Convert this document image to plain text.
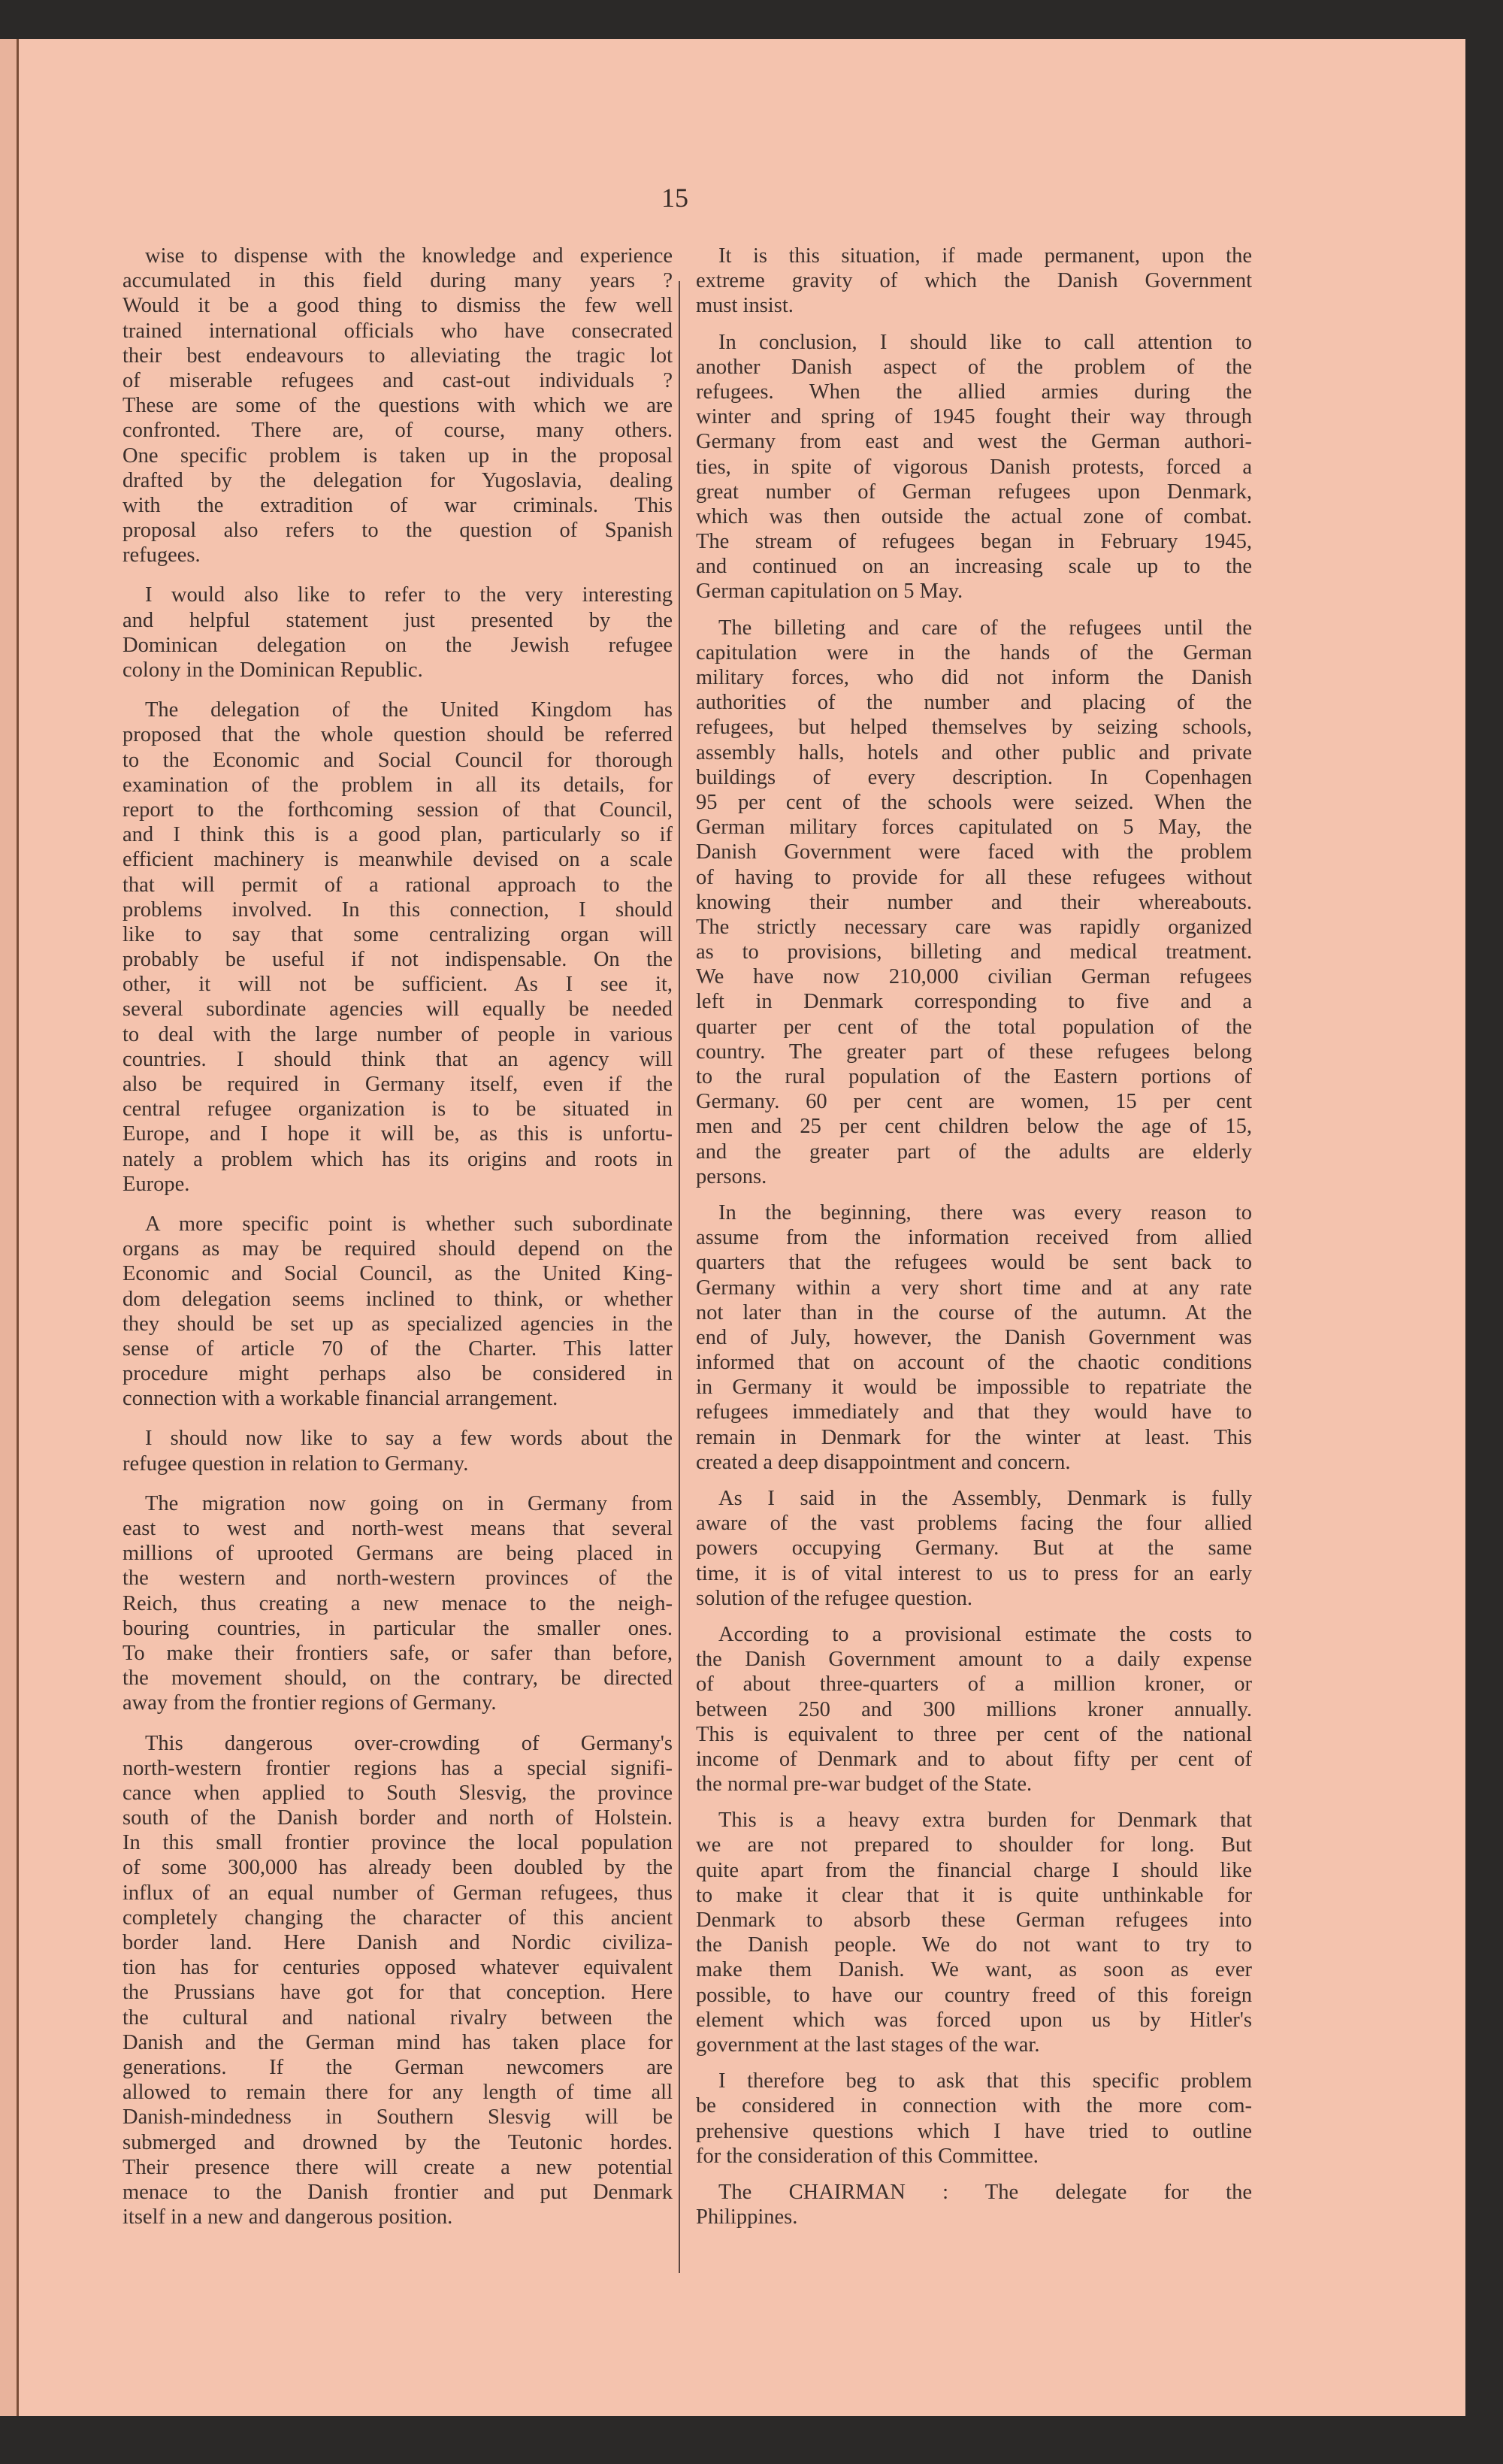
15
wise to dispense with the knowledge and experience
accumulated in this field during many years ?
Would it be a good thing to dismiss the few well
trained international officials who have consecrated
their best endeavours to alleviating the tragic lot
of miserable refugees and cast-out individuals ?
These are some of the questions with which we are
confronted. There are, of course, many others.
One specific problem is taken up in the proposal
drafted by the delegation for Yugoslavia, dealing
with the extradition of war criminals. This
proposal also refers to the question of Spanish
refugees.
I would also like to refer to the very interesting
and helpful statement just presented by the
Dominican delegation on the Jewish refugee
colony in the Dominican Republic.
The delegation of the United Kingdom has
proposed that the whole question should be referred
to the Economic and Social Council for thorough
examination of the problem in all its details, for
report to the forthcoming session of that Council,
and I think this is a good plan, particularly so if
efficient machinery is meanwhile devised on a scale
that will permit of a rational approach to the
problems involved. In this connection, I should
like to say that some centralizing organ will
probably be useful if not indispensable. On the
other, it will not be sufficient. As I see it,
several subordinate agencies will equally be needed
to deal with the large number of people in various
countries. I should think that an agency will
also be required in Germany itself, even if the
central refugee organization is to be situated in
Europe, and I hope it will be, as this is unfortu-
nately a problem which has its origins and roots in
Europe.
A more specific point is whether such subordinate
organs as may be required should depend on the
Economic and Social Council, as the United King-
dom delegation seems inclined to think, or whether
they should be set up as specialized agencies in the
sense of article 70 of the Charter. This latter
procedure might perhaps also be considered in
connection with a workable financial arrangement.
I should now like to say a few words about the
refugee question in relation to Germany.
The migration now going on in Germany from
east to west and north-west means that several
millions of uprooted Germans are being placed in
the western and north-western provinces of the
Reich, thus creating a new menace to the neigh-
bouring countries, in particular the smaller ones.
To make their frontiers safe, or safer than before,
the movement should, on the contrary, be directed
away from the frontier regions of Germany.
This dangerous over-crowding of Germany's
north-western frontier regions has a special signifi-
cance when applied to South Slesvig, the province
south of the Danish border and north of Holstein.
In this small frontier province the local population
of some 300,000 has already been doubled by the
influx of an equal number of German refugees, thus
completely changing the character of this ancient
border land. Here Danish and Nordic civiliza-
tion has for centuries opposed whatever equivalent
the Prussians have got for that conception. Here
the cultural and national rivalry between the
Danish and the German mind has taken place for
generations. If the German newcomers are
allowed to remain there for any length of time all
Danish-mindedness in Southern Slesvig will be
submerged and drowned by the Teutonic hordes.
Their presence there will create a new potential
menace to the Danish frontier and put Denmark
itself in a new and dangerous position.
It is this situation, if made permanent, upon the
extreme gravity of which the Danish Government
must insist.
In conclusion, I should like to call attention to
another Danish aspect of the problem of the
refugees. When the allied armies during the
winter and spring of 1945 fought their way through
Germany from east and west the German authori-
ties, in spite of vigorous Danish protests, forced a
great number of German refugees upon Denmark,
which was then outside the actual zone of combat.
The stream of refugees began in February 1945,
and continued on an increasing scale up to the
German capitulation on 5 May.
The billeting and care of the refugees until the
capitulation were in the hands of the German
military forces, who did not inform the Danish
authorities of the number and placing of the
refugees, but helped themselves by seizing schools,
assembly halls, hotels and other public and private
buildings of every description. In Copenhagen
95 per cent of the schools were seized. When the
German military forces capitulated on 5 May, the
Danish Government were faced with the problem
of having to provide for all these refugees without
knowing their number and their whereabouts.
The strictly necessary care was rapidly organized
as to provisions, billeting and medical treatment.
We have now 210,000 civilian German refugees
left in Denmark corresponding to five and a
quarter per cent of the total population of the
country. The greater part of these refugees belong
to the rural population of the Eastern portions of
Germany. 60 per cent are women, 15 per cent
men and 25 per cent children below the age of 15,
and the greater part of the adults are elderly
persons.
In the beginning, there was every reason to
assume from the information received from allied
quarters that the refugees would be sent back to
Germany within a very short time and at any rate
not later than in the course of the autumn. At the
end of July, however, the Danish Government was
informed that on account of the chaotic conditions
in Germany it would be impossible to repatriate the
refugees immediately and that they would have to
remain in Denmark for the winter at least. This
created a deep disappointment and concern.
As I said in the Assembly, Denmark is fully
aware of the vast problems facing the four allied
powers occupying Germany. But at the same
time, it is of vital interest to us to press for an early
solution of the refugee question.
According to a provisional estimate the costs to
the Danish Government amount to a daily expense
of about three-quarters of a million kroner, or
between 250 and 300 millions kroner annually.
This is equivalent to three per cent of the national
income of Denmark and to about fifty per cent of
the normal pre-war budget of the State.
This is a heavy extra burden for Denmark that
we are not prepared to shoulder for long. But
quite apart from the financial charge I should like
to make it clear that it is quite unthinkable for
Denmark to absorb these German refugees into
the Danish people. We do not want to try to
make them Danish. We want, as soon as ever
possible, to have our country freed of this foreign
element which was forced upon us by Hitler's
government at the last stages of the war.
I therefore beg to ask that this specific problem
be considered in connection with the more com-
prehensive questions which I have tried to outline
for the consideration of this Committee.
The CHAIRMAN : The delegate for the
Philippines.
